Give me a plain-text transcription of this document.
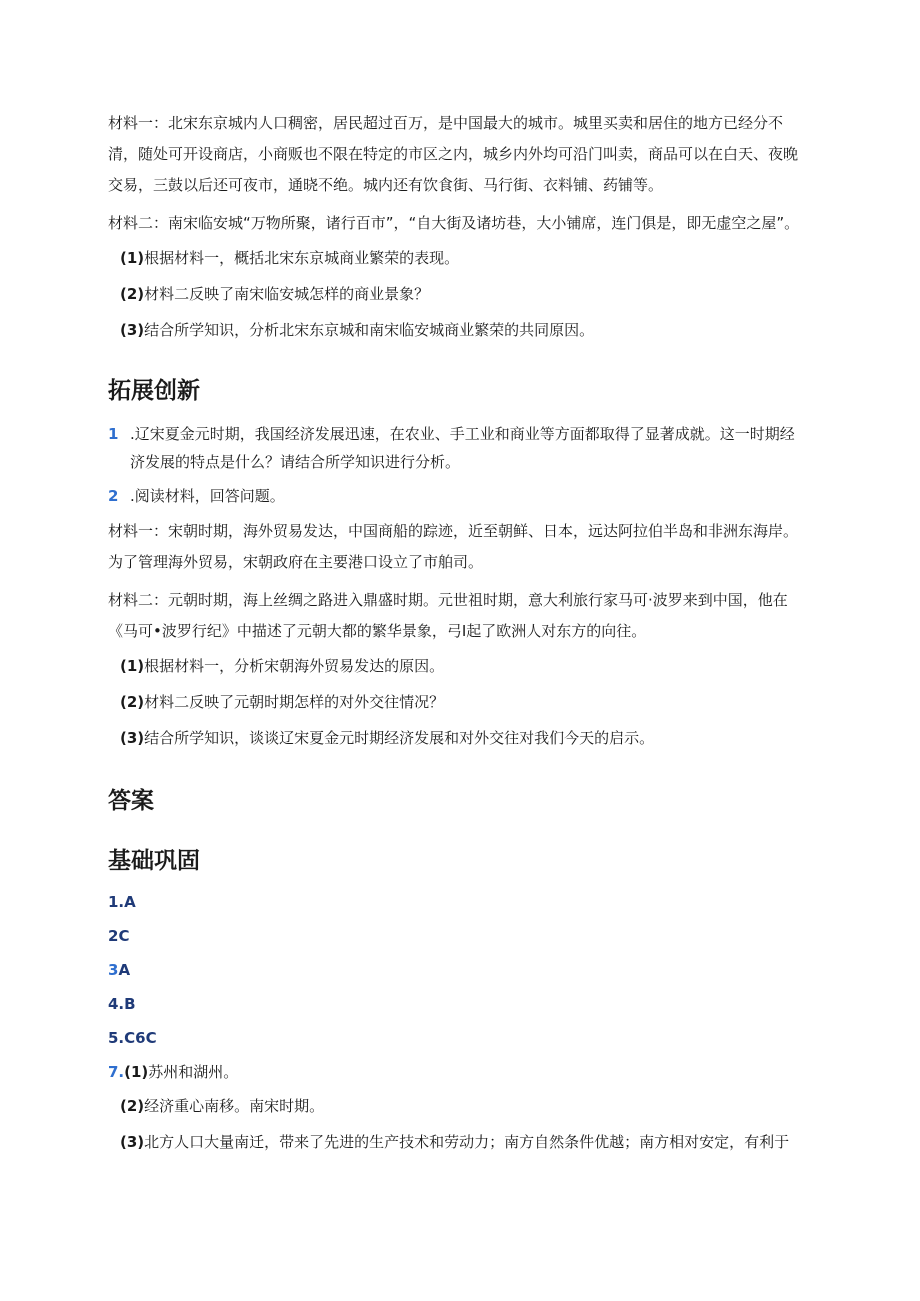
材料一：北宋东京城内人口稠密，居民超过百万，是中国最大的城市。城里买卖和居住的地方已经分不清，随处可开设商店，小商贩也不限在特定的市区之内，城乡内外均可沿门叫卖，商品可以在白天、夜晚交易，三鼓以后还可夜市，通晓不绝。城内还有饮食街、马行街、衣料铺、药铺等。

材料二：南宋临安城“万物所聚，诸行百市”，“自大街及诸坊巷，大小铺席，连门俱是，即无虚空之屋”。

(1)根据材料一，概括北宋东京城商业繁荣的表现。

(2)材料二反映了南宋临安城怎样的商业景象？

(3)结合所学知识，分析北宋东京城和南宋临安城商业繁荣的共同原因。

拓展创新
1 .辽宋夏金元时期，我国经济发展迅速，在农业、手工业和商业等方面都取得了显著成就。这一时期经济发展的特点是什么？请结合所学知识进行分析。
2 .阅读材料，回答问题。

材料一：宋朝时期，海外贸易发达，中国商船的踪迹，近至朝鲜、日本，远达阿拉伯半岛和非洲东海岸。为了管理海外贸易，宋朝政府在主要港口设立了市舶司。

材料二：元朝时期，海上丝绸之路进入鼎盛时期。元世祖时期，意大利旅行家马可·波罗来到中国，他在《马可•波罗行纪》中描述了元朝大都的繁华景象，弓I起了欧洲人对东方的向往。

(1)根据材料一，分析宋朝海外贸易发达的原因。

(2)材料二反映了元朝时期怎样的对外交往情况？

(3)结合所学知识，谈谈辽宋夏金元时期经济发展和对外交往对我们今天的启示。

答案
基础巩固

1.A

2C

3A

4.B

5.C6C

7.(1)苏州和湖州。

(2)经济重心南移。南宋时期。

(3)北方人口大量南迁，带来了先进的生产技术和劳动力；南方自然条件优越；南方相对安定，有利于
